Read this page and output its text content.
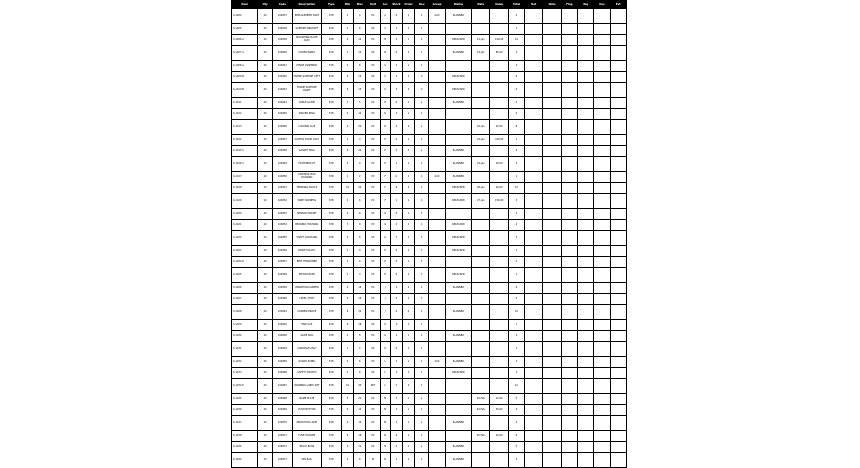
Item	Qty	Code	Description	Type	Min	Max	Unit	Loc	Stock	Order	Rev	Group	Status	Date	Value	Total	Ref	Note	Flag	Tag	Aux	Ext
S-1004	20	104837	REPLACEMENT PART	STD	1	4	PC	A	0	1	1	AUX	PLANNED			2						
S-1005	20	104838	SUPPORT BRACKET	STD	2	6	PC	A	1	2	1					1						
S-1006 A	20	104839	MOUNTING PLATE ASSY	STD	4	12	PC	B	2	1	1		RELEASED	12-Jan	120.00	14						
S-1007 A	20	104840	COVER PANEL	STD	3	10	PC	B	0	3	1		PLANNED	14-Jan	85.00	4						
S-1008 A	20	104841	HINGE ASSEMBLY	STD	2	8	PC	C	1	1	1					3						
S-1009 B	20	104842	FRAME SUPPORT LEFT	STD	5	15	PC	C	3	2	2		RELEASED			6						
S-1010 B	20	104843	FRAME SUPPORT RIGHT	STD	5	15	PC	C	3	2	2		RELEASED			6						
S-1011	20	104844	CABLE GUIDE	STD	1	5	PC	D	0	1	1		PLANNED			2						
S-1012	20	104845	SPACER RING	STD	2	10	PC	D	2	1	1					5						
S-1013	20	104846	LOCKING CLIP	STD	4	20	PC	D	4	2	1			20-Jan	42.00	8						
S-1014	20	104847	ACCESS DOOR ASSY	STD	1	3	PC	E	0	1	1			22-Jan	310.00	1						
S-1015 C	20	104848	GASKET SEAL	STD	6	24	PC	E	5	3	1		PLANNED			9						
S-1016 C	20	104849	FASTENER KIT	STD	3	9	PC	E	1	1	1		PLANNED	24-Jan	18.50	3						
S-1017	20	104850	CONTROL BOX HOUSING	STD	1	2	PC	F	0	1	1	AUX	PLANNED			1						
S-1018	20	104851	TERMINAL BLOCK	STD	10	30	PC	F	8	2	1		RELEASED	26-Jan	64.00	12						
S-1019	20	104852	WIRE HARNESS	STD	2	6	PC	F	1	1	1		RELEASED	27-Jan	150.00	3						
S-1020	20	104853	SENSOR MOUNT	STD	2	8	PC	G	0	1	1					2						
S-1021	20	104854	BEARING HOUSING	STD	3	9	PC	G	2	1	1		RELEASED			4						
S-1022	20	104855	SHAFT COUPLING	STD	2	6	PC	G	1	1	1		RELEASED			2						
S-1023	20	104856	DRIVE PULLEY	STD	1	4	PC	H	0	1	1		RELEASED			2						
S-1024 D	20	104857	BELT TENSIONER	STD	1	4	PC	H	0	1	1					1						
S-1025	20	104858	MOTOR BASE	STD	1	3	PC	H	0	1	1		RELEASED			1						
S-1026	20	104859	VIBRATION DAMPER	STD	4	16	PC	J	3	2	1		PLANNED			6						
S-1027	20	104860	LEVEL FOOT	STD	4	16	PC	J	4	1	1					4						
S-1028	20	104861	CORNER BRACE	STD	8	24	PC	J	6	2	1		PLANNED			10						
S-1029	20	104862	END CAP	STD	6	18	PC	K	5	1	1					7						
S-1030	20	104863	SLIDE RAIL	STD	2	8	PC	K	1	1	1		PLANNED			3						
S-1031	20	104864	CARRIAGE ASSY	STD	1	2	PC	K	0	1	1					1						
S-1032	20	104865	GUARD PANEL	STD	2	6	PC	L	1	1	1	AUX	PLANNED			2						
S-1033	20	104866	SAFETY SWITCH	STD	2	6	PC	L	2	1	1		RELEASED			2						
S-1034 E	20	104867	WARNING LABEL SET	STD	10	40	SET	L	7	2	1					12						
S-1035	20	104868	NAME PLATE	STD	5	20	PC	M	3	1	1			03-Feb	12.00	5						
S-1036	20	104869	PUSH BUTTON	STD	4	12	PC	M	2	1	1			04-Feb	36.00	4						
S-1037	20	104870	INDICATOR LAMP	STD	4	12	PC	M	3	1	1		PLANNED			4						
S-1038	20	104871	FUSE HOLDER	STD	6	18	PC	N	4	1	1			05-Feb	22.00	6						
S-1039	20	104872	RELAY BASE	STD	4	12	PC	N	2	1	1		PLANNED			5						
S-1040	20	104873	DIN RAIL	STD	2	8	M	N	1	1	1		PLANNED			3						
